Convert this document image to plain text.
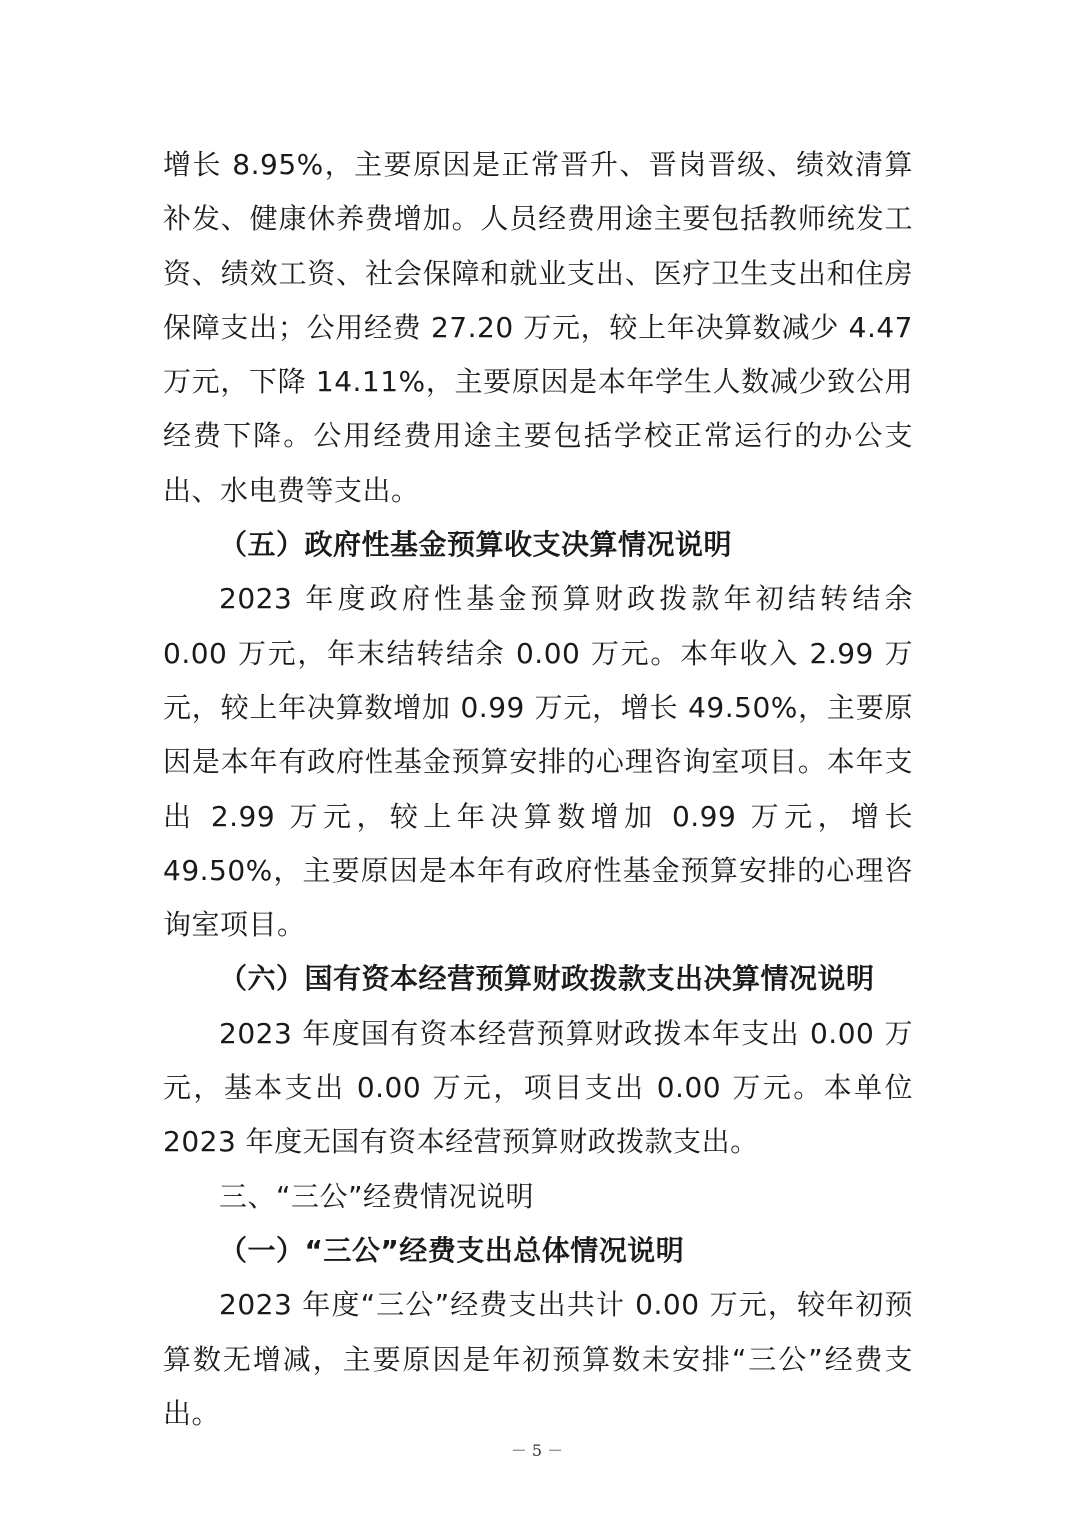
增长 8.95%，主要原因是正常晋升、晋岗晋级、绩效清算补发、健康休养费增加。人员经费用途主要包括教师统发工资、绩效工资、社会保障和就业支出、医疗卫生支出和住房保障支出；公用经费 27.20 万元，较上年决算数减少 4.47 万元，下降 14.11%，主要原因是本年学生人数减少致公用经费下降。公用经费用途主要包括学校正常运行的办公支出、水电费等支出。

（五）政府性基金预算收支决算情况说明

2023 年度政府性基金预算财政拨款年初结转结余 0.00 万元，年末结转结余 0.00 万元。本年收入 2.99 万元，较上年决算数增加 0.99 万元，增长 49.50%，主要原因是本年有政府性基金预算安排的心理咨询室项目。本年支出 2.99 万元，较上年决算数增加 0.99 万元，增长 49.50%，主要原因是本年有政府性基金预算安排的心理咨询室项目。

（六）国有资本经营预算财政拨款支出决算情况说明

2023 年度国有资本经营预算财政拨本年支出 0.00 万元，基本支出 0.00 万元，项目支出 0.00 万元。本单位 2023 年度无国有资本经营预算财政拨款支出。

三、“三公”经费情况说明

（一）“三公”经费支出总体情况说明

2023 年度“三公”经费支出共计 0.00 万元，较年初预算数无增减，主要原因是年初预算数未安排“三公”经费支出。

－ 5 －
